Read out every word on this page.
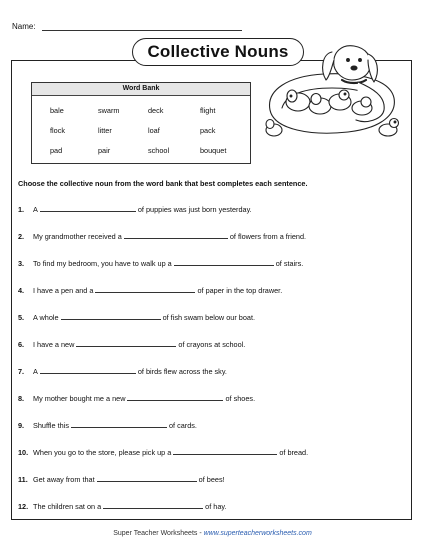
Name:
Collective Nouns
Word Bank
bale	swarm	deck	flight
flock	litter	loaf	pack
pad	pair	school	bouquet
Choose the collective noun from the word bank that best completes each sentence.
1. A	of puppies was just born yesterday.
2. My grandmother received a	of flowers from a friend.
3. To find my bedroom, you have to walk up a	of stairs.
4. I have a pen and a	of paper in the top drawer.
5. A whole	of fish swam below our boat.
6. I have a new	of crayons at school.
7. A	of birds flew across the sky.
8. My mother bought me a new	of shoes.
9. Shuffle this	of cards.
10. When you go to the store, please pick up a	of bread.
11. Get away from that	of bees!
12. The children sat on a	of hay.
Super Teacher Worksheets - www.superteacherworksheets.com
